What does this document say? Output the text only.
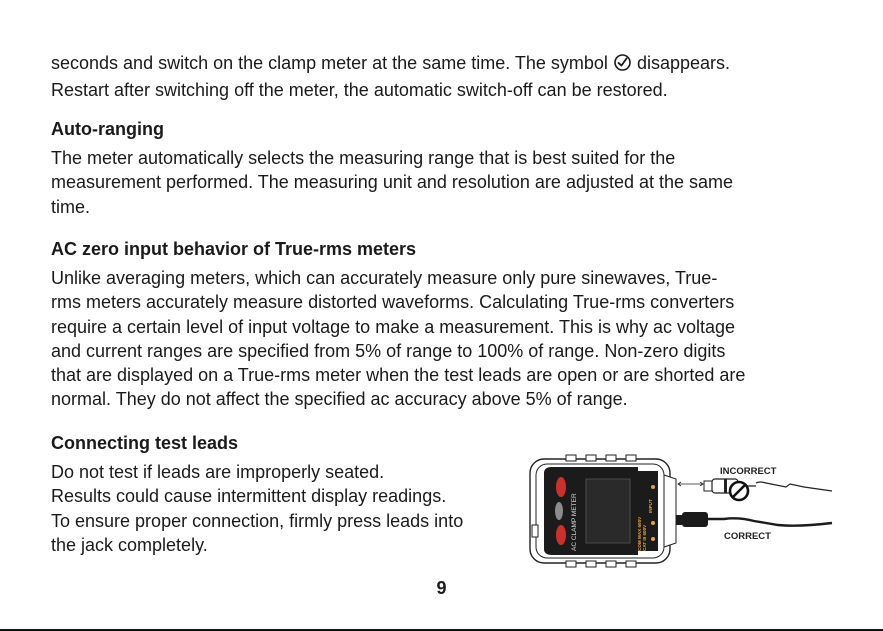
seconds and switch on the clamp meter at the same time. The symbol  disappears.
Restart after switching off the meter, the automatic switch-off can be restored.

Auto-ranging

The meter automatically selects the measuring range that is best suited for the
measurement performed. The measuring unit and resolution are adjusted at the same
time.

AC zero input behavior of True-rms meters

Unlike averaging meters, which can accurately measure only pure sinewaves, True-
rms meters accurately measure distorted waveforms. Calculating True-rms converters
require a certain level of input voltage to make a measurement. This is why ac voltage
and current ranges are specified from 5% of range to 100% of range. Non-zero digits
that are displayed on a True-rms meter when the test leads are open or are shorted are
normal. They do not affect the specified ac accuracy above 5% of range.

Connecting test leads

Do not test if leads are improperly seated.
Results could cause intermittent display readings.
To ensure proper connection, firmly press leads into
the jack completely.	AC CLAMP METER	COM MAX 600V CAT III 600V
INPUT
INCORRECT
CORRECT
9
